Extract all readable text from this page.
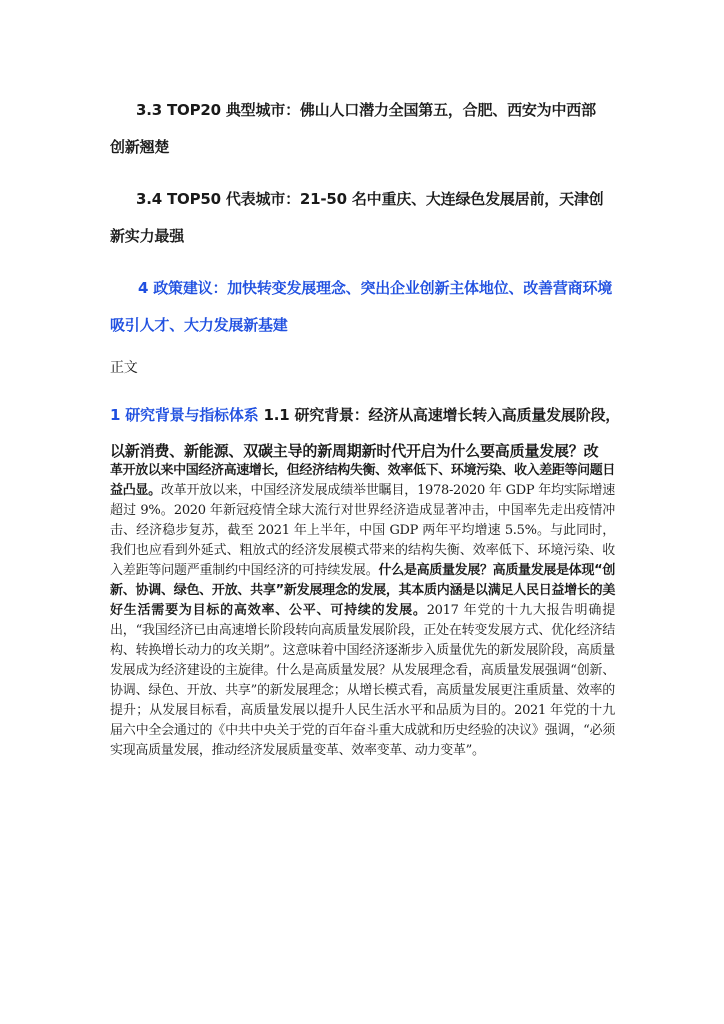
3.3 TOP20 典型城市：佛山人口潜力全国第五，合肥、西安为中西部

创新翘楚

3.4 TOP50 代表城市：21-50 名中重庆、大连绿色发展居前，天津创

新实力最强

4 政策建议：加快转变发展理念、突出企业创新主体地位、改善营商环境

吸引人才、大力发展新基建

正文

1 研究背景与指标体系 1.1 研究背景：经济从高速增长转入高质量发展阶段，

以新消费、新能源、双碳主导的新周期新时代开启为什么要高质量发展？改

革开放以来中国经济高速增长，但经济结构失衡、效率低下、环境污染、收入差距等问题日益凸显。改革开放以来，中国经济发展成绩举世瞩目，1978-2020 年 GDP 年均实际增速超过 9%。2020 年新冠疫情全球大流行对世界经济造成显著冲击，中国率先走出疫情冲击、经济稳步复苏，截至 2021 年上半年，中国 GDP 两年平均增速 5.5%。与此同时，我们也应看到外延式、粗放式的经济发展模式带来的结构失衡、效率低下、环境污染、收入差距等问题严重制约中国经济的可持续发展。什么是高质量发展？高质量发展是体现“创新、协调、绿色、开放、共享”新发展理念的发展，其本质内涵是以满足人民日益增长的美好生活需要为目标的高效率、公平、可持续的发展。2017 年党的十九大报告明确提出，“我国经济已由高速增长阶段转向高质量发展阶段，正处在转变发展方式、优化经济结构、转换增长动力的攻关期”。这意味着中国经济逐渐步入质量优先的新发展阶段，高质量发展成为经济建设的主旋律。什么是高质量发展？从发展理念看，高质量发展强调“创新、协调、绿色、开放、共享”的新发展理念；从增长模式看，高质量发展更注重质量、效率的提升；从发展目标看，高质量发展以提升人民生活水平和品质为目的。2021 年党的十九届六中全会通过的《中共中央关于党的百年奋斗重大成就和历史经验的决议》强调，“必须实现高质量发展，推动经济发展质量变革、效率变革、动力变革”。
